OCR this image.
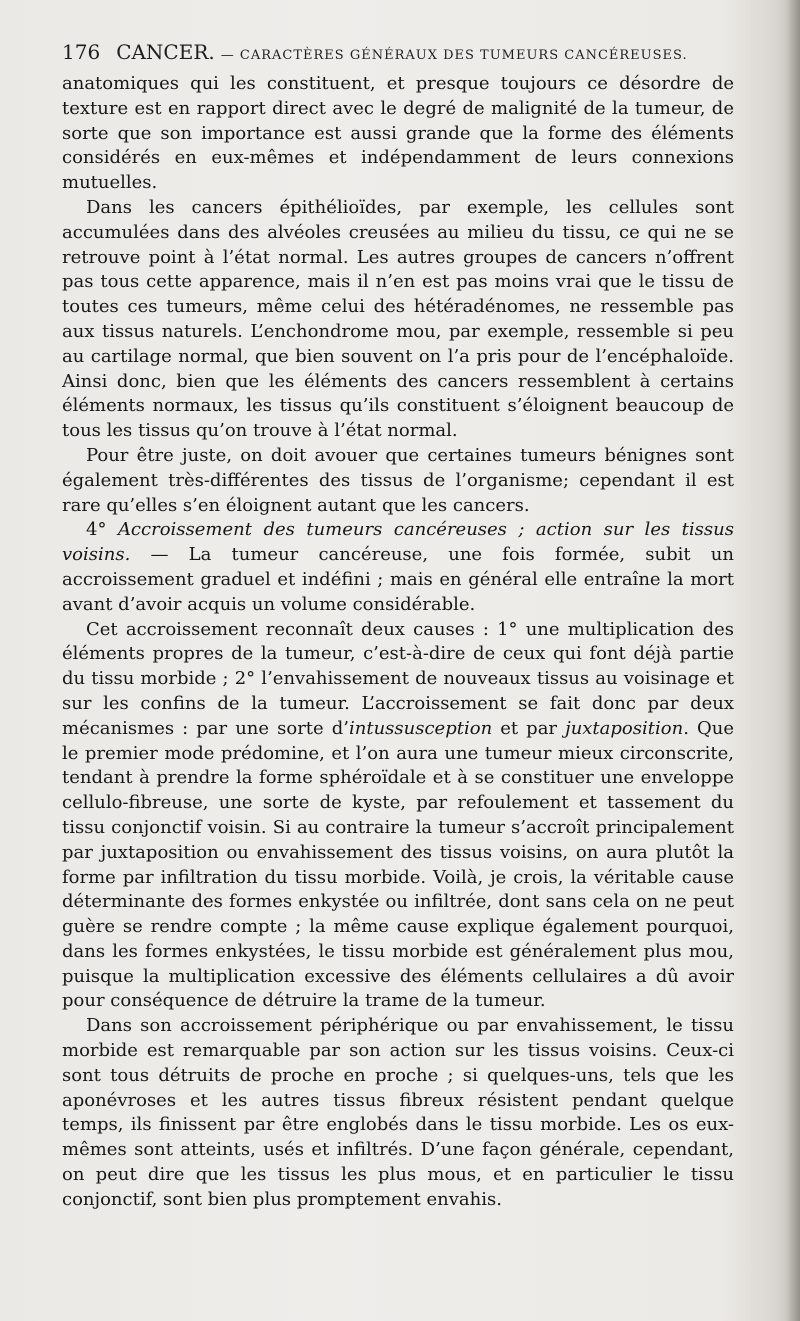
176 CANCER. — CARACTÈRES GÉNÉRAUX DES TUMEURS CANCÉREUSES.

anatomiques qui les constituent, et presque toujours ce désordre de texture est en rapport direct avec le degré de malignité de la tumeur, de sorte que son importance est aussi grande que la forme des éléments considérés en eux-mêmes et indépendamment de leurs connexions mutuelles.

Dans les cancers épithélioïdes, par exemple, les cellules sont accumulées dans des alvéoles creusées au milieu du tissu, ce qui ne se retrouve point à l’état normal. Les autres groupes de cancers n’offrent pas tous cette apparence, mais il n’en est pas moins vrai que le tissu de toutes ces tumeurs, même celui des hétéradénomes, ne ressemble pas aux tissus naturels. L’enchondrome mou, par exemple, ressemble si peu au cartilage normal, que bien souvent on l’a pris pour de l’encéphaloïde. Ainsi donc, bien que les éléments des cancers ressemblent à certains éléments normaux, les tissus qu’ils constituent s’éloignent beaucoup de tous les tissus qu’on trouve à l’état normal.

Pour être juste, on doit avouer que certaines tumeurs bénignes sont également très-différentes des tissus de l’organisme; cependant il est rare qu’elles s’en éloignent autant que les cancers.

4° Accroissement des tumeurs cancéreuses ; action sur les tissus voisins. — La tumeur cancéreuse, une fois formée, subit un accroissement graduel et indéfini ; mais en général elle entraîne la mort avant d’avoir acquis un volume considérable.

Cet accroissement reconnaît deux causes : 1° une multiplication des éléments propres de la tumeur, c’est-à-dire de ceux qui font déjà partie du tissu morbide ; 2° l’envahissement de nouveaux tissus au voisinage et sur les confins de la tumeur. L’accroissement se fait donc par deux mécanismes : par une sorte d’intussusception et par juxtaposition. Que le premier mode prédomine, et l’on aura une tumeur mieux circonscrite, tendant à prendre la forme sphéroïdale et à se constituer une enveloppe cellulo-fibreuse, une sorte de kyste, par refoulement et tassement du tissu conjonctif voisin. Si au contraire la tumeur s’accroît principalement par juxtaposition ou envahissement des tissus voisins, on aura plutôt la forme par infiltration du tissu morbide. Voilà, je crois, la véritable cause déterminante des formes enkystée ou infiltrée, dont sans cela on ne peut guère se rendre compte ; la même cause explique également pourquoi, dans les formes enkystées, le tissu morbide est généralement plus mou, puisque la multiplication excessive des éléments cellulaires a dû avoir pour conséquence de détruire la trame de la tumeur.

Dans son accroissement périphérique ou par envahissement, le tissu morbide est remarquable par son action sur les tissus voisins. Ceux-ci sont tous détruits de proche en proche ; si quelques-uns, tels que les aponévroses et les autres tissus fibreux résistent pendant quelque temps, ils finissent par être englobés dans le tissu morbide. Les os eux-mêmes sont atteints, usés et infiltrés. D’une façon générale, cependant, on peut dire que les tissus les plus mous, et en particulier le tissu conjonctif, sont bien plus promptement envahis.
